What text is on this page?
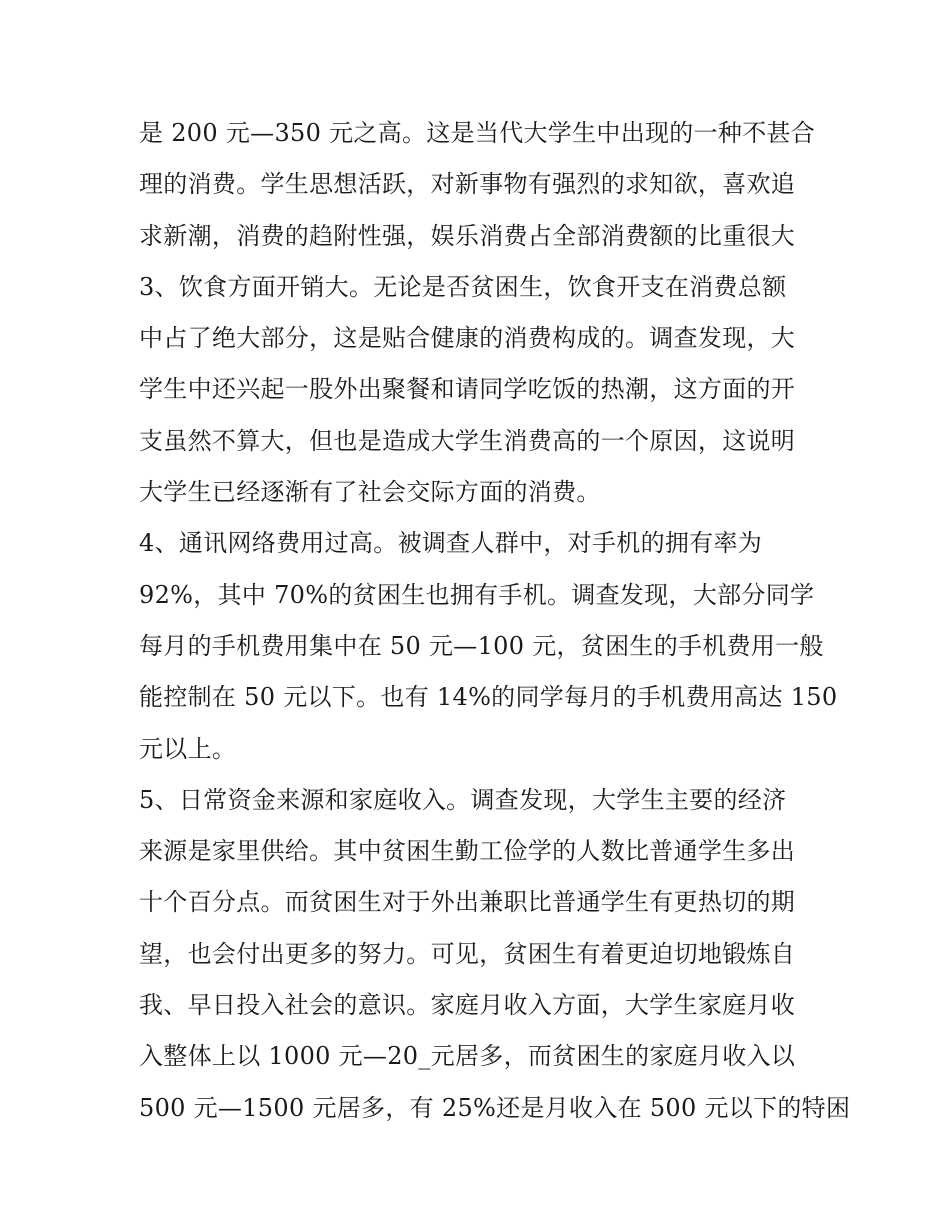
是 200 元—350 元之高。这是当代大学生中出现的一种不甚合
理的消费。学生思想活跃，对新事物有强烈的求知欲，喜欢追
求新潮，消费的趋附性强，娱乐消费占全部消费额的比重很大
3、饮食方面开销大。无论是否贫困生，饮食开支在消费总额
中占了绝大部分，这是贴合健康的消费构成的。调查发现，大
学生中还兴起一股外出聚餐和请同学吃饭的热潮，这方面的开
支虽然不算大，但也是造成大学生消费高的一个原因，这说明
大学生已经逐渐有了社会交际方面的消费。
4、通讯网络费用过高。被调查人群中，对手机的拥有率为
92%，其中 70%的贫困生也拥有手机。调查发现，大部分同学
每月的手机费用集中在 50 元—100 元，贫困生的手机费用一般
能控制在 50 元以下。也有 14%的同学每月的手机费用高达 150
元以上。
5、日常资金来源和家庭收入。调查发现，大学生主要的经济
来源是家里供给。其中贫困生勤工俭学的人数比普通学生多出
十个百分点。而贫困生对于外出兼职比普通学生有更热切的期
望，也会付出更多的努力。可见，贫困生有着更迫切地锻炼自
我、早日投入社会的意识。家庭月收入方面，大学生家庭月收
入整体上以 1000 元—20_元居多，而贫困生的家庭月收入以
500 元—1500 元居多，有 25%还是月收入在 500 元以下的特困
